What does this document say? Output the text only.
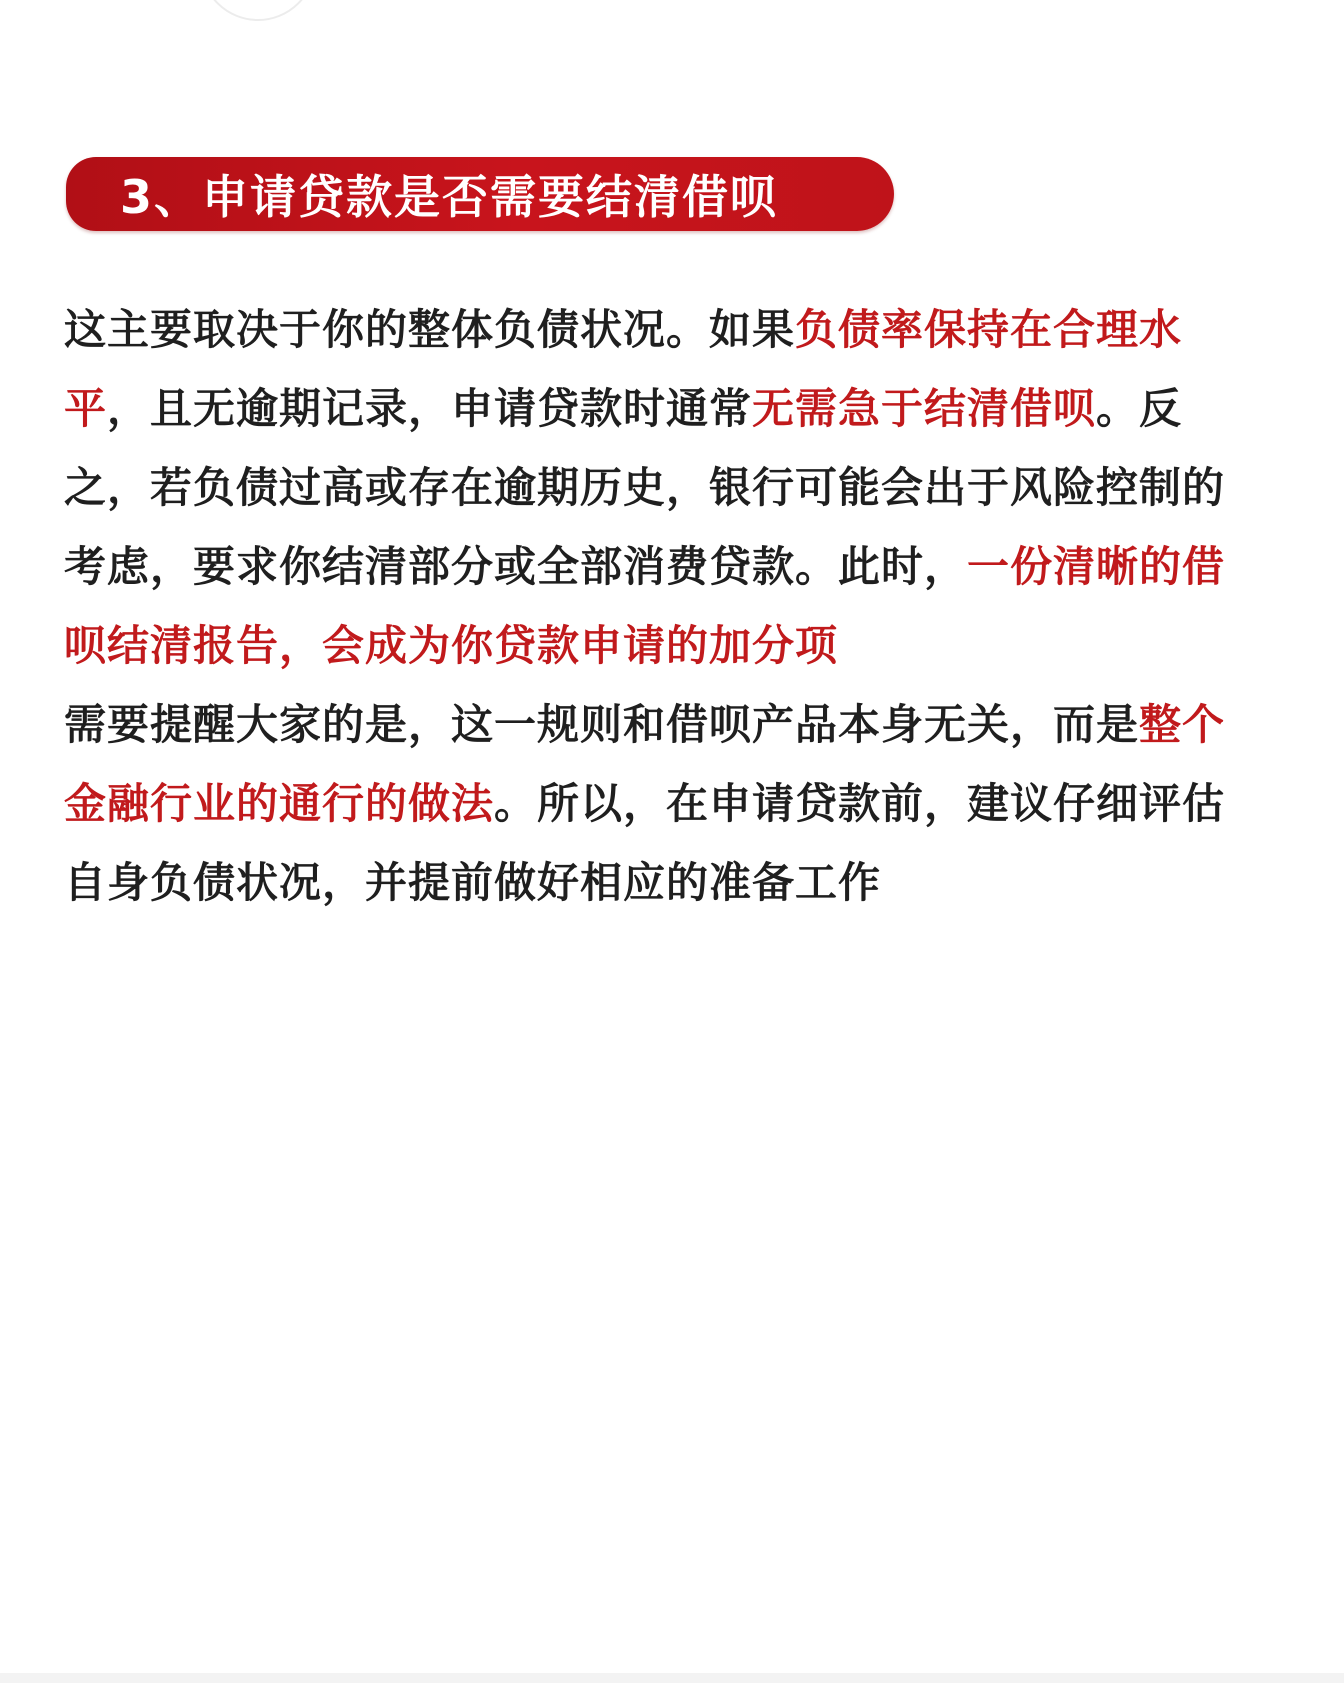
3、申请贷款是否需要结清借呗

这主要取决于你的整体负债状况。如果负债率保持在合理水平，且无逾期记录，申请贷款时通常无需急于结清借呗。反之，若负债过高或存在逾期历史，银行可能会出于风险控制的考虑，要求你结清部分或全部消费贷款。此时，一份清晰的借呗结清报告，会成为你贷款申请的加分项

需要提醒大家的是，这一规则和借呗产品本身无关，而是整个金融行业的通行的做法。所以，在申请贷款前，建议仔细评估自身负债状况，并提前做好相应的准备工作
